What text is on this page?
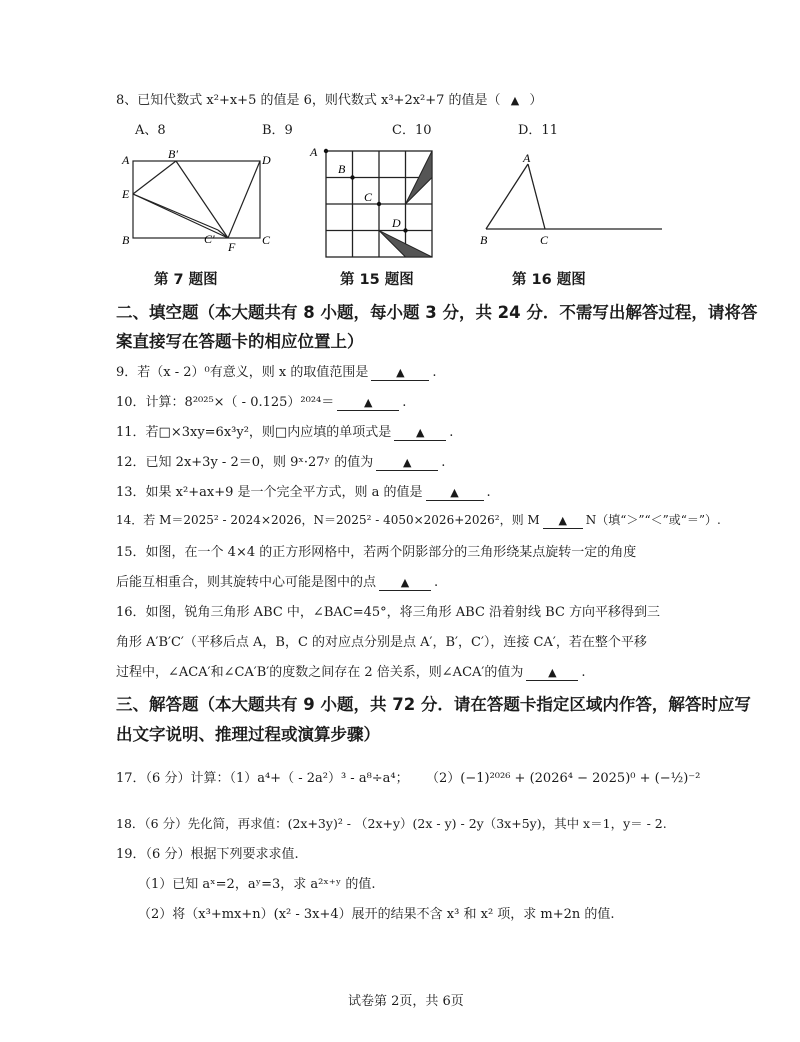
8、已知代数式 x²+x+5 的值是 6，则代数式 x³+2x²+7 的值是（ ▲ ）
A、8	B．9	C．10	D．11
A	B′	D
E
B	C′
F C
A
B
C
D
A
B	C
第 7 题图	第 15 题图	第 16 题图
二、填空题（本大题共有 8 小题，每小题 3 分，共 24 分．不需写出解答过程，请将答
案直接写在答题卡的相应位置上）
9．若（x - 2）⁰有意义，则 x 的取值范围是	▲ .
10．计算：8²⁰²⁵×（ - 0.125）²⁰²⁴＝	▲ .
11．若□×3xy=6x³y²，则□内应填的单项式是 ▲ .
12．已知 2x+3y - 2＝0，则 9ˣ·27ʸ 的值为	▲ .
13．如果 x²+ax+9 是一个完全平方式，则 a 的值是	▲ .
14．若 M＝2025² - 2024×2026，N＝2025² - 4050×2026+2026²，则 M ▲ N（填“＞”“＜”或“＝”）.
15．如图，在一个 4×4 的正方形网格中，若两个阴影部分的三角形绕某点旋转一定的角度
后能互相重合，则其旋转中心可能是图中的点 ▲ .
16．如图，锐角三角形 ABC 中，∠BAC=45°，将三角形 ABC 沿着射线 BC 方向平移得到三
角形 A′B′C′（平移后点 A，B，C 的对应点分别是点 A′，B′，C′），连接 CA′，若在整个平移
过程中，∠ACA′和∠CA′B′的度数之间存在 2 倍关系，则∠ACA′的值为 ▲ .
三、解答题（本大题共有 9 小题，共 72 分．请在答题卡指定区域内作答，解答时应写
出文字说明、推理过程或演算步骤）
17．（6 分）计算：（1）a⁴+（ - 2a²）³ - a⁸÷a⁴； （2）(−1)²⁰²⁶ + (2026⁴ − 2025)⁰ + (−½)⁻²
18．（6 分）先化简，再求值：(2x+3y)² - （2x+y）(2x - y) - 2y（3x+5y)，其中 x＝1，y＝ - 2.
19．（6 分）根据下列要求求值.
（1）已知 aˣ=2，aʸ=3，求 a²ˣ⁺ʸ 的值.
（2）将（x³+mx+n）(x² - 3x+4）展开的结果不含 x³ 和 x² 项，求 m+2n 的值.
试卷第 2页，共 6页
